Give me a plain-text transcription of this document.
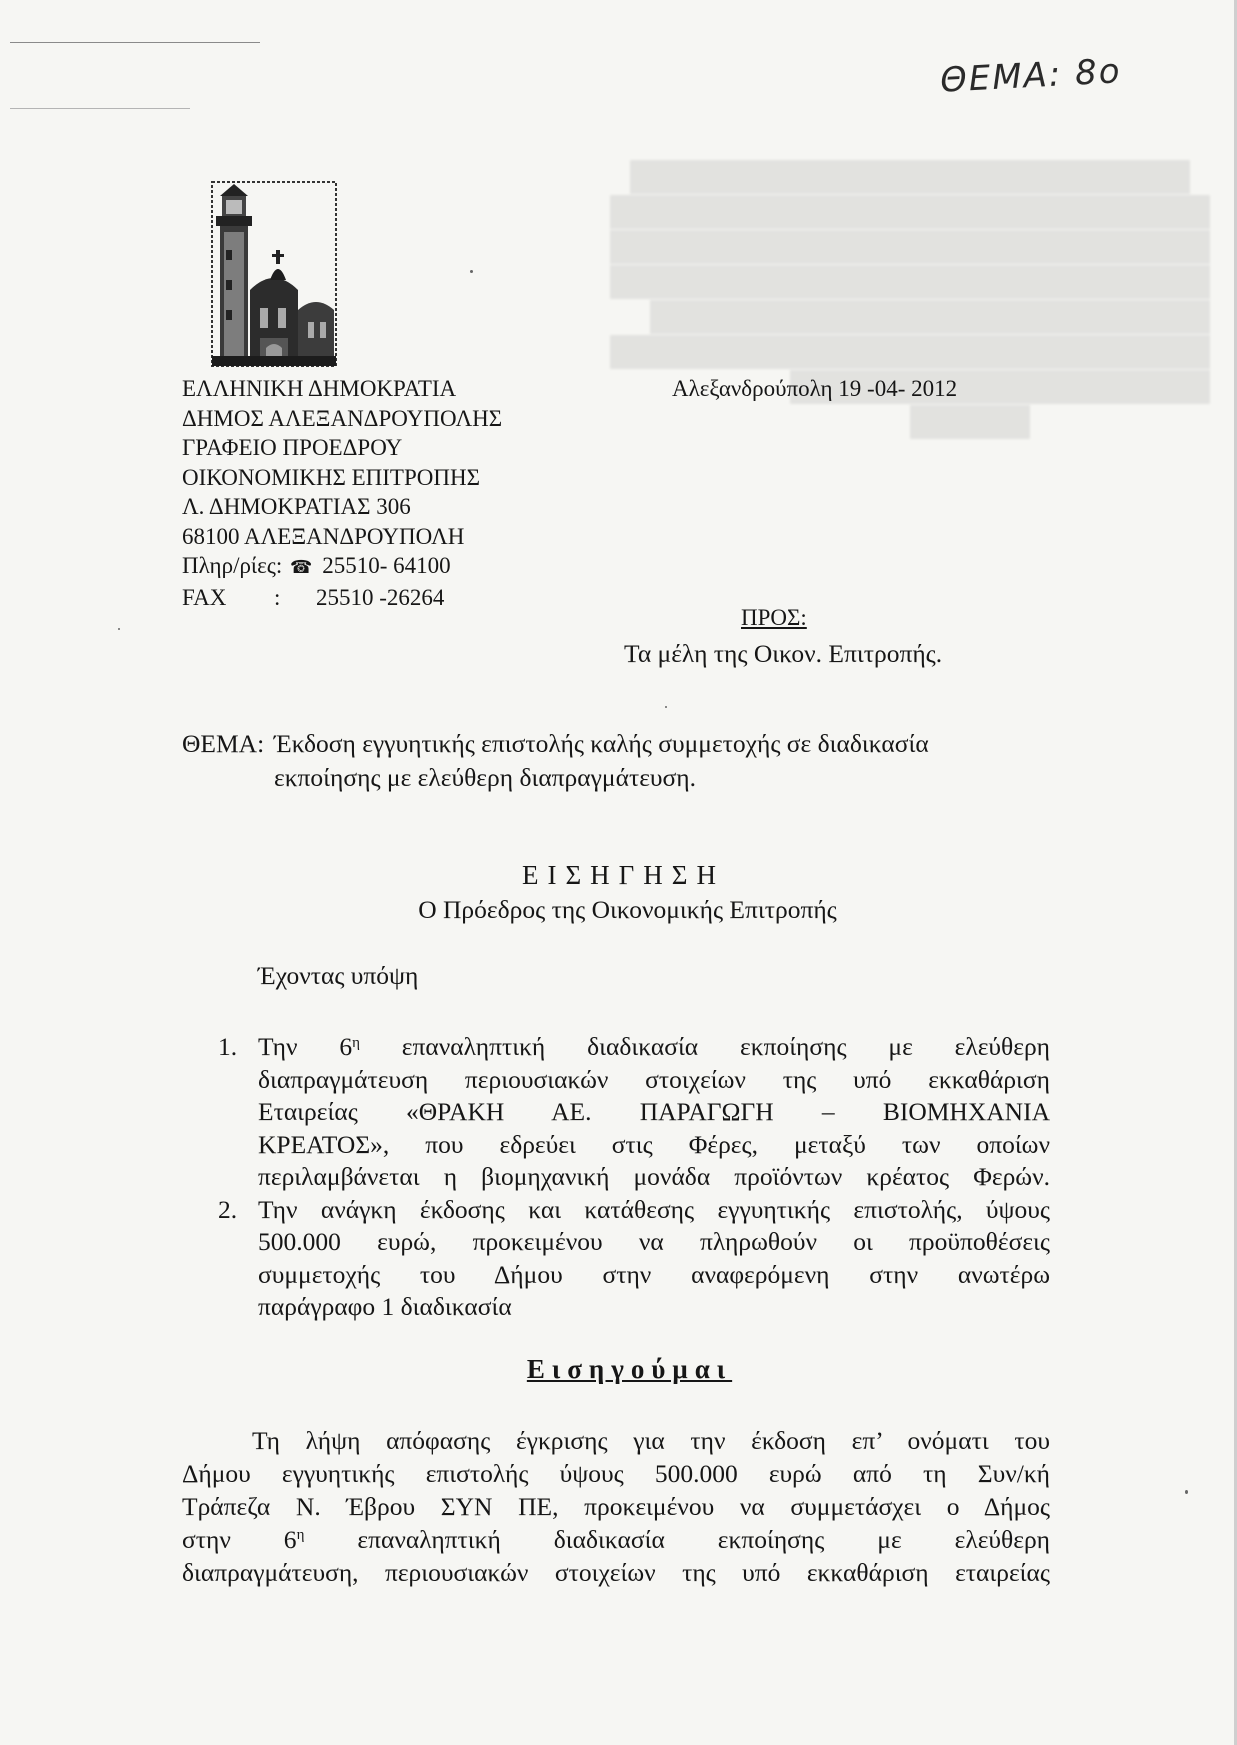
ΘΕΜΑ: 8ο
ΕΛΛΗΝΙΚΗ ΔΗΜΟΚΡΑΤΙΑ
ΔΗΜΟΣ ΑΛΕΞΑΝΔΡΟΥΠΟΛΗΣ
ΓΡΑΦΕΙΟ ΠΡΟΕΔΡΟΥ
ΟΙΚΟΝΟΜΙΚΗΣ ΕΠΙΤΡΟΠΗΣ
Λ. ΔΗΜΟΚΡΑΤΙΑΣ 306
68100 ΑΛΕΞΑΝΔΡΟΥΠΟΛΗ
Πληρ/ρίες: ☎ 25510- 64100
FAX : 25510 -26264
Αλεξανδρούπολη 19 -04- 2012
ΠΡΟΣ:
Τα μέλη της Οικον. Επιτροπής.
ΘΕΜΑ: Έκδοση εγγυητικής επιστολής καλής συμμετοχής σε διαδικασία
εκποίησης με ελεύθερη διαπραγμάτευση.
ΕΙΣΗΓΗΣΗ
Ο Πρόεδρος της Οικονομικής Επιτροπής
Έχοντας υπόψη
1. Την $6^\eta$ επαναληπτική διαδικασία εκποίησης με ελεύθερη
διαπραγμάτευση περιουσιακών στοιχείων της υπό εκκαθάριση
Εταιρείας «ΘΡΑΚΗ ΑΕ. ΠΑΡΑΓΩΓΗ – ΒΙΟΜΗΧΑΝΙΑ
ΚΡΕΑΤΟΣ», που εδρεύει στις Φέρες, μεταξύ των οποίων
περιλαμβάνεται η βιομηχανική μονάδα προϊόντων κρέατος Φερών.
2. Την ανάγκη έκδοσης και κατάθεσης εγγυητικής επιστολής, ύψους
500.000 ευρώ, προκειμένου να πληρωθούν οι προϋποθέσεις
συμμετοχής του Δήμου στην αναφερόμενη στην ανωτέρω
παράγραφο 1 διαδικασία
Εισηγούμαι
Τη λήψη απόφασης έγκρισης για την έκδοση επ’ ονόματι του
Δήμου εγγυητικής επιστολής ύψους 500.000 ευρώ από τη Συν/κή
Τράπεζα Ν. Έβρου ΣΥΝ ΠΕ, προκειμένου να συμμετάσχει ο Δήμος
στην $6^\eta$ επαναληπτική διαδικασία εκποίησης με ελεύθερη
διαπραγμάτευση, περιουσιακών στοιχείων της υπό εκκαθάριση εταιρείας
